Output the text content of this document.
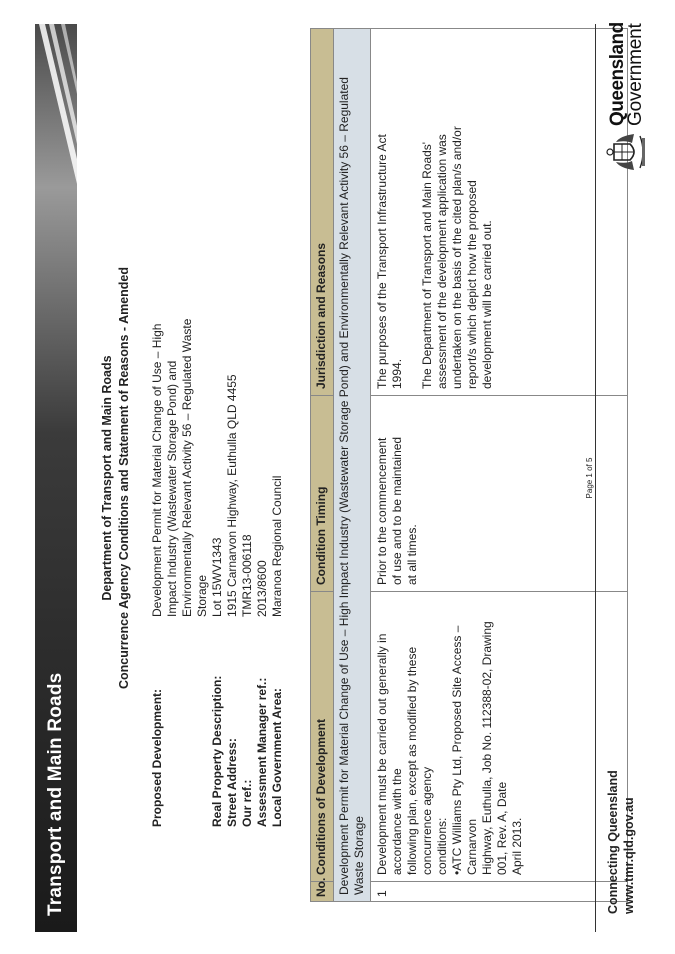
Transport and Main Roads
Department of Transport and Main Roads Concurrence Agency Conditions and Statement of Reasons - Amended
Proposed Development:
Development Permit for Material Change of Use – High Impact Industry (Wastewater Storage Pond) and Environmentally Relevant Activity 56 – Regulated Waste Storage
Real Property Description:
Lot 15WV1343
Street Address:
1915 Carnarvon Highway, Euthulla QLD 4455
Our ref.:
TMR13-006118
Assessment Manager ref.:
2013/8600
Local Government Area:
Maranoa Regional Council
No.
Conditions of Development
Condition Timing
Jurisdiction and Reasons Development Permit for Material Change of Use – High Impact Industry (Wastewater Storage Pond) and Environmentally Relevant Activity 56 – Regulated Waste Storage 1
Development must be carried out generally in accordance with the following plan, except as modified by these concurrence agency conditions: •ATC Williams Pty Ltd, Proposed Site Access – Carnarvon Highway, Euthulla, Job No. 112388-02, Drawing 001, Rev. A, Date April 2013.
Prior to the commencement of use and to be maintained at all times.
The purposes of the Transport Infrastructure Act 1994. The Department of Transport and Main Roads' assessment of the development application was undertaken on the basis of the cited plan/s and/or report/s which depict how the proposed development will be carried out.
Page 1 of 5
Connecting Queensland www.tmr.qld.gov.au
Queensland
Government
